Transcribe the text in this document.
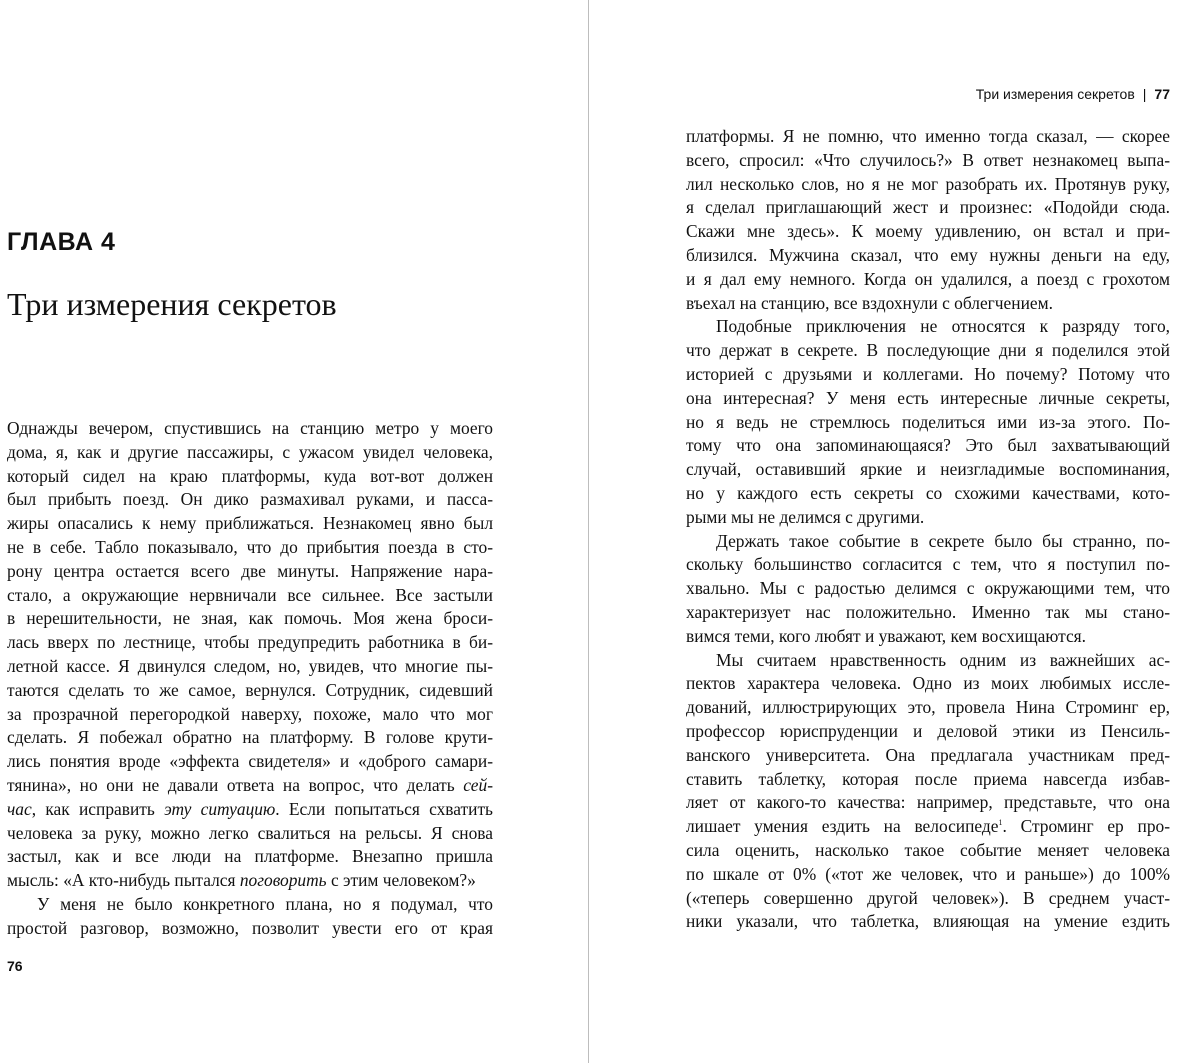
ГЛАВА 4
Три измерения секретов
Однажды вечером, спустившись на станцию метро у моего
дома, я, как и другие пассажиры, с ужасом увидел человека,
который сидел на краю платформы, куда вот-вот должен
был прибыть поезд. Он дико размахивал руками, и пасса-
жиры опасались к нему приближаться. Незнакомец явно был
не в себе. Табло показывало, что до прибытия поезда в сто-
рону центра остается всего две минуты. Напряжение нара-
стало, а окружающие нервничали все сильнее. Все застыли
в нерешительности, не зная, как помочь. Моя жена броси-
лась вверх по лестнице, чтобы предупредить работника в би-
летной кассе. Я двинулся следом, но, увидев, что многие пы-
таются сделать то же самое, вернулся. Сотрудник, сидевший
за прозрачной перегородкой наверху, похоже, мало что мог
сделать. Я побежал обратно на платформу. В голове крути-
лись понятия вроде «эффекта свидетеля» и «доброго самари-
тянина», но они не давали ответа на вопрос, что делать сей-
час, как исправить эту ситуацию. Если попытаться схватить
человека за руку, можно легко свалиться на рельсы. Я снова
застыл, как и все люди на платформе. Внезапно пришла
мысль: «А кто-нибудь пытался поговорить с этим человеком?»
У меня не было конкретного плана, но я подумал, что
простой разговор, возможно, позволит увести его от края
76
Три измерения секретов | 77
платформы. Я не помню, что именно тогда сказал, — скорее
всего, спросил: «Что случилось?» В ответ незнакомец выпа-
лил несколько слов, но я не мог разобрать их. Протянув руку,
я сделал приглашающий жест и произнес: «Подойди сюда.
Скажи мне здесь». К моему удивлению, он встал и при-
близился. Мужчина сказал, что ему нужны деньги на еду,
и я дал ему немного. Когда он удалился, а поезд с грохотом
въехал на станцию, все вздохнули с облегчением.
Подобные приключения не относятся к разряду того,
что держат в секрете. В последующие дни я поделился этой
историей с друзьями и коллегами. Но почему? Потому что
она интересная? У меня есть интересные личные секреты,
но я ведь не стремлюсь поделиться ими из-за этого. По-
тому что она запоминающаяся? Это был захватывающий
случай, оставивший яркие и неизгладимые воспоминания,
но у каждого есть секреты со схожими качествами, кото-
рыми мы не делимся с другими.
Держать такое событие в секрете было бы странно, по-
скольку большинство согласится с тем, что я поступил по-
хвально. Мы с радостью делимся с окружающими тем, что
характеризует нас положительно. Именно так мы стано-
вимся теми, кого любят и уважают, кем восхищаются.
Мы считаем нравственность одним из важнейших ас-
пектов характера человека. Одно из моих любимых иссле-
дований, иллюстрирующих это, провела Нина Строминг ер,
профессор юриспруденции и деловой этики из Пенсиль-
ванского университета. Она предлагала участникам пред-
ставить таблетку, которая после приема навсегда избав-
ляет от какого-то качества: например, представьте, что она
лишает умения ездить на велосипеде$^1$. Строминг ер про-
сила оценить, насколько такое событие меняет человека
по шкале от 0% («тот же человек, что и раньше») до 100%
(«теперь совершенно другой человек»). В среднем участ-
ники указали, что таблетка, влияющая на умение ездить
